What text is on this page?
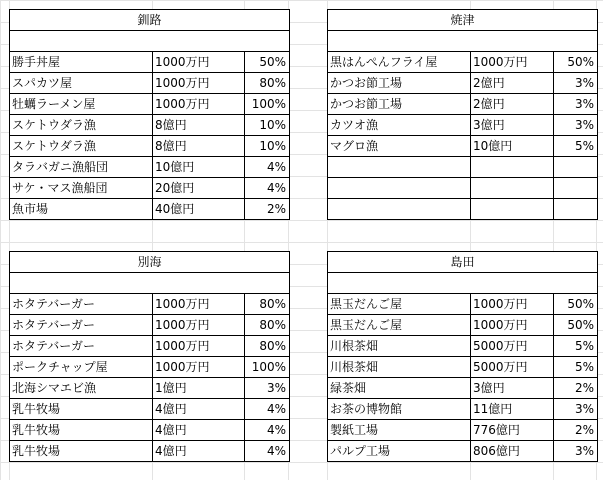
釧路		

勝手丼屋	1000万円	50%
スパカツ屋	1000万円	80%
牡蠣ラーメン屋	1000万円	100%
スケトウダラ漁	8億円	10%
スケトウダラ漁	8億円	10%
タラバガニ漁船団	10億円	4%
サケ・マス漁船団	20億円	4%
魚市場	40億円	2%
焼津		

黒はんぺんフライ屋	1000万円	50%
かつお節工場	2億円	3%
かつお節工場	2億円	3%
カツオ漁	3億円	3%
マグロ漁	10億円	5%

別海		

ホタテバーガー	1000万円	80%
ホタテバーガー	1000万円	80%
ホタテバーガー	1000万円	80%
ポークチャップ屋	1000万円	100%
北海シマエビ漁	1億円	3%
乳牛牧場	4億円	4%
乳牛牧場	4億円	4%
乳牛牧場	4億円	4%
島田		

黒玉だんご屋	1000万円	50%
黒玉だんご屋	1000万円	50%
川根茶畑	5000万円	5%
川根茶畑	5000万円	5%
緑茶畑	3億円	2%
お茶の博物館	11億円	3%
製紙工場	776億円	2%
パルプ工場	806億円	3%
